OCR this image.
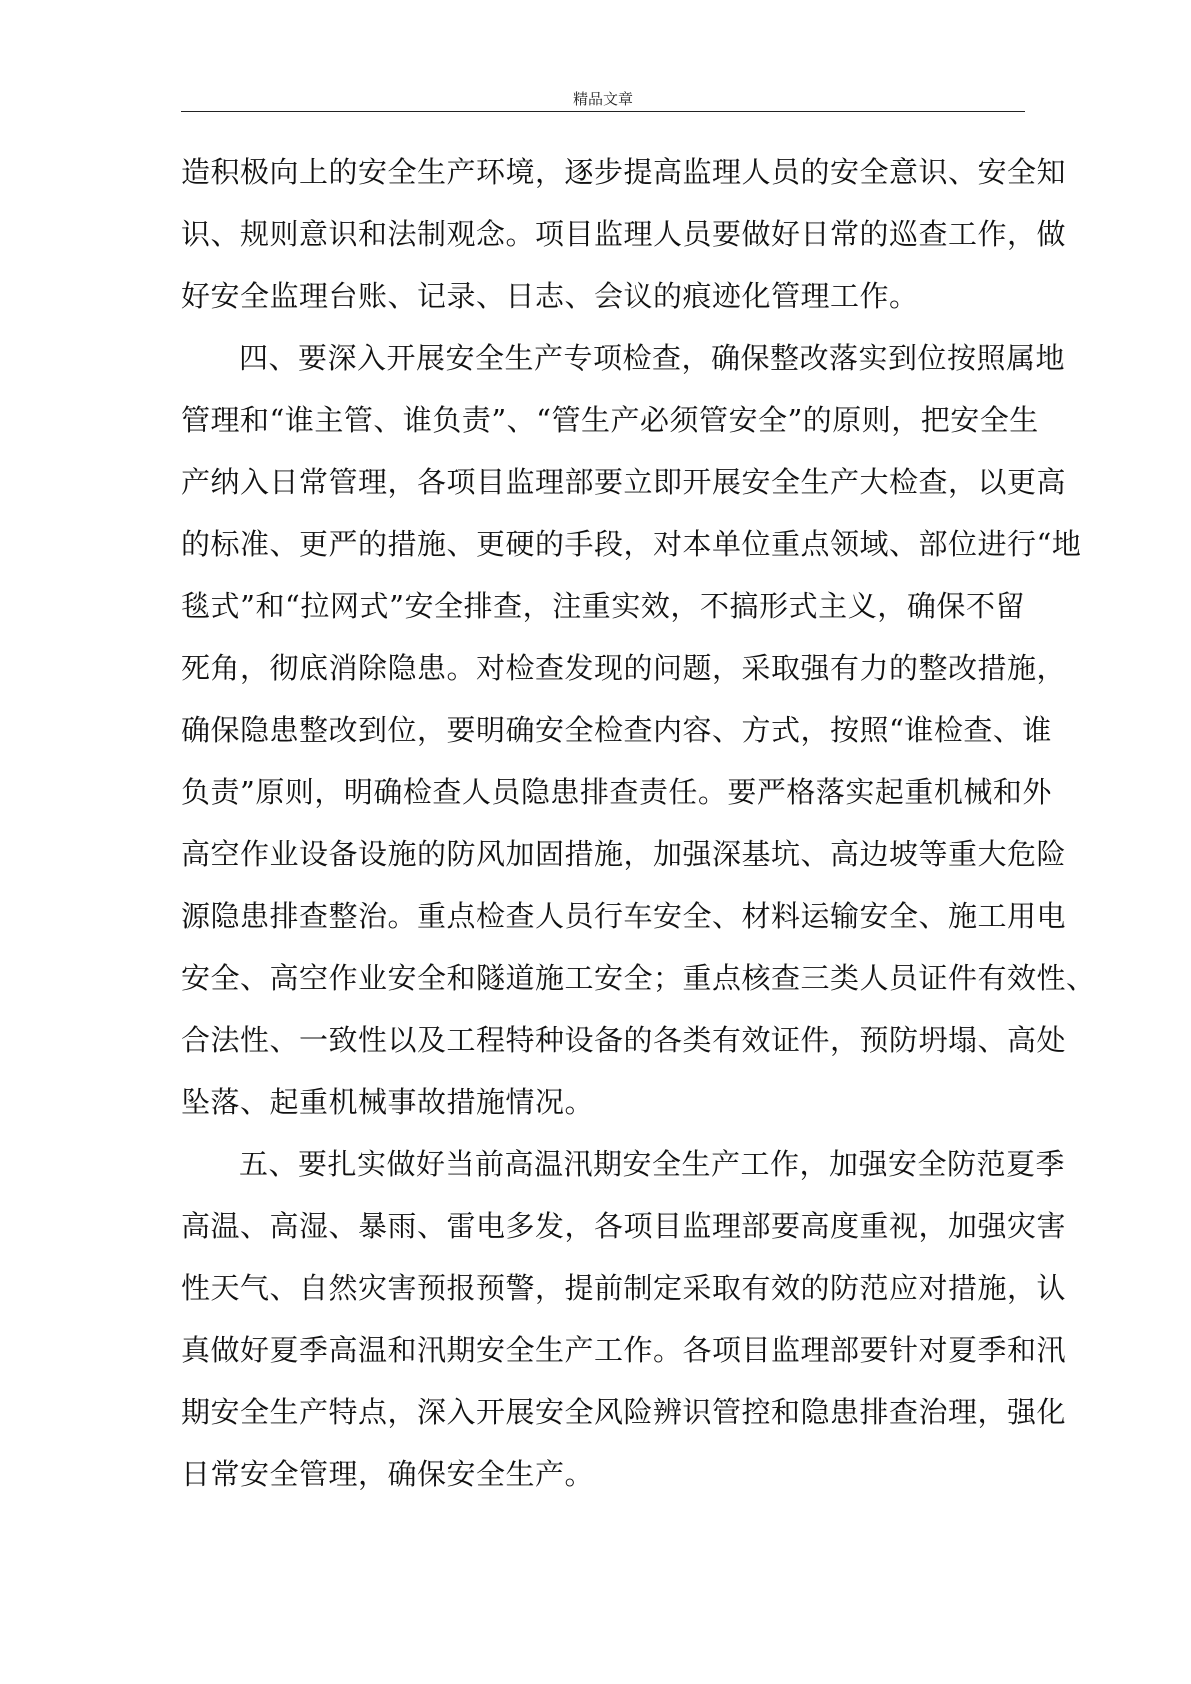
精品文章
造积极向上的安全生产环境，逐步提高监理人员的安全意识、安全知
识、规则意识和法制观念。项目监理人员要做好日常的巡查工作，做
好安全监理台账、记录、日志、会议的痕迹化管理工作。
四、要深入开展安全生产专项检查，确保整改落实到位按照属地
管理和“谁主管、谁负责”、“管生产必须管安全”的原则，把安全生
产纳入日常管理，各项目监理部要立即开展安全生产大检查，以更高
的标准、更严的措施、更硬的手段，对本单位重点领域、部位进行“地
毯式”和“拉网式”安全排查，注重实效，不搞形式主义，确保不留
死角，彻底消除隐患。对检查发现的问题，采取强有力的整改措施，
确保隐患整改到位，要明确安全检查内容、方式，按照“谁检查、谁
负责”原则，明确检查人员隐患排查责任。要严格落实起重机械和外
高空作业设备设施的防风加固措施，加强深基坑、高边坡等重大危险
源隐患排查整治。重点检查人员行车安全、材料运输安全、施工用电
安全、高空作业安全和隧道施工安全；重点核查三类人员证件有效性、
合法性、一致性以及工程特种设备的各类有效证件，预防坍塌、高处
坠落、起重机械事故措施情况。
五、要扎实做好当前高温汛期安全生产工作，加强安全防范夏季
高温、高湿、暴雨、雷电多发，各项目监理部要高度重视，加强灾害
性天气、自然灾害预报预警，提前制定采取有效的防范应对措施，认
真做好夏季高温和汛期安全生产工作。各项目监理部要针对夏季和汛
期安全生产特点，深入开展安全风险辨识管控和隐患排查治理，强化
日常安全管理，确保安全生产。
